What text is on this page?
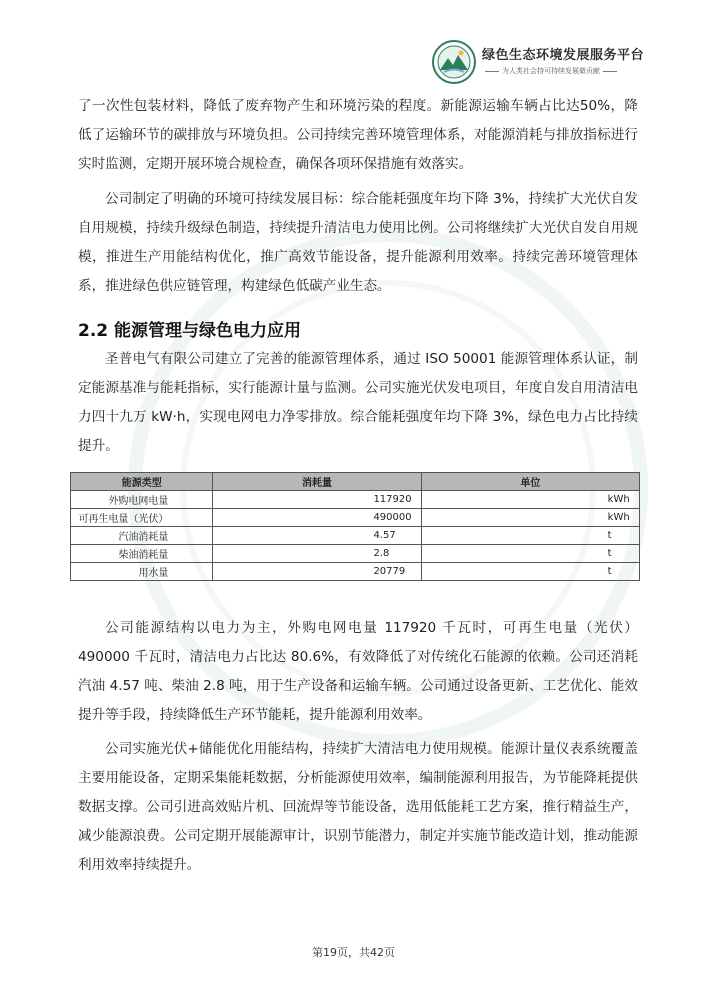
绿色生态环境发展服务平台
为人类社会持可持续发展做贡献

了一次性包装材料，降低了废弃物产生和环境污染的程度。新能源运输车辆占比达50%，降低了运输环节的碳排放与环境负担。公司持续完善环境管理体系，对能源消耗与排放指标进行实时监测，定期开展环境合规检查，确保各项环保措施有效落实。

公司制定了明确的环境可持续发展目标：综合能耗强度年均下降 3%，持续扩大光伏自发自用规模，持续升级绿色制造，持续提升清洁电力使用比例。公司将继续扩大光伏自发自用规模，推进生产用能结构优化，推广高效节能设备，提升能源利用效率。持续完善环境管理体系，推进绿色供应链管理，构建绿色低碳产业生态。

2.2 能源管理与绿色电力应用

圣普电气有限公司建立了完善的能源管理体系，通过 ISO 50001 能源管理体系认证，制定能源基准与能耗指标，实行能源计量与监测。公司实施光伏发电项目，年度自发自用清洁电力四十九万 kW·h，实现电网电力净零排放。综合能耗强度年均下降 3%，绿色电力占比持续提升。

能源类型	消耗量	单位
外购电网电量	117920	kWh
可再生电量（光伏）	490000	kWh
汽油消耗量	4.57	t
柴油消耗量	2.8	t
用水量	20779	t

公司能源结构以电力为主，外购电网电量 117920 千瓦时，可再生电量（光伏）490000 千瓦时，清洁电力占比达 80.6%，有效降低了对传统化石能源的依赖。公司还消耗汽油 4.57 吨、柴油 2.8 吨，用于生产设备和运输车辆。公司通过设备更新、工艺优化、能效提升等手段，持续降低生产环节能耗，提升能源利用效率。

公司实施光伏+储能优化用能结构，持续扩大清洁电力使用规模。能源计量仪表系统覆盖主要用能设备，定期采集能耗数据，分析能源使用效率，编制能源利用报告，为节能降耗提供数据支撑。公司引进高效贴片机、回流焊等节能设备，选用低能耗工艺方案，推行精益生产，减少能源浪费。公司定期开展能源审计，识别节能潜力，制定并实施节能改造计划，推动能源利用效率持续提升。

第19页，共42页
